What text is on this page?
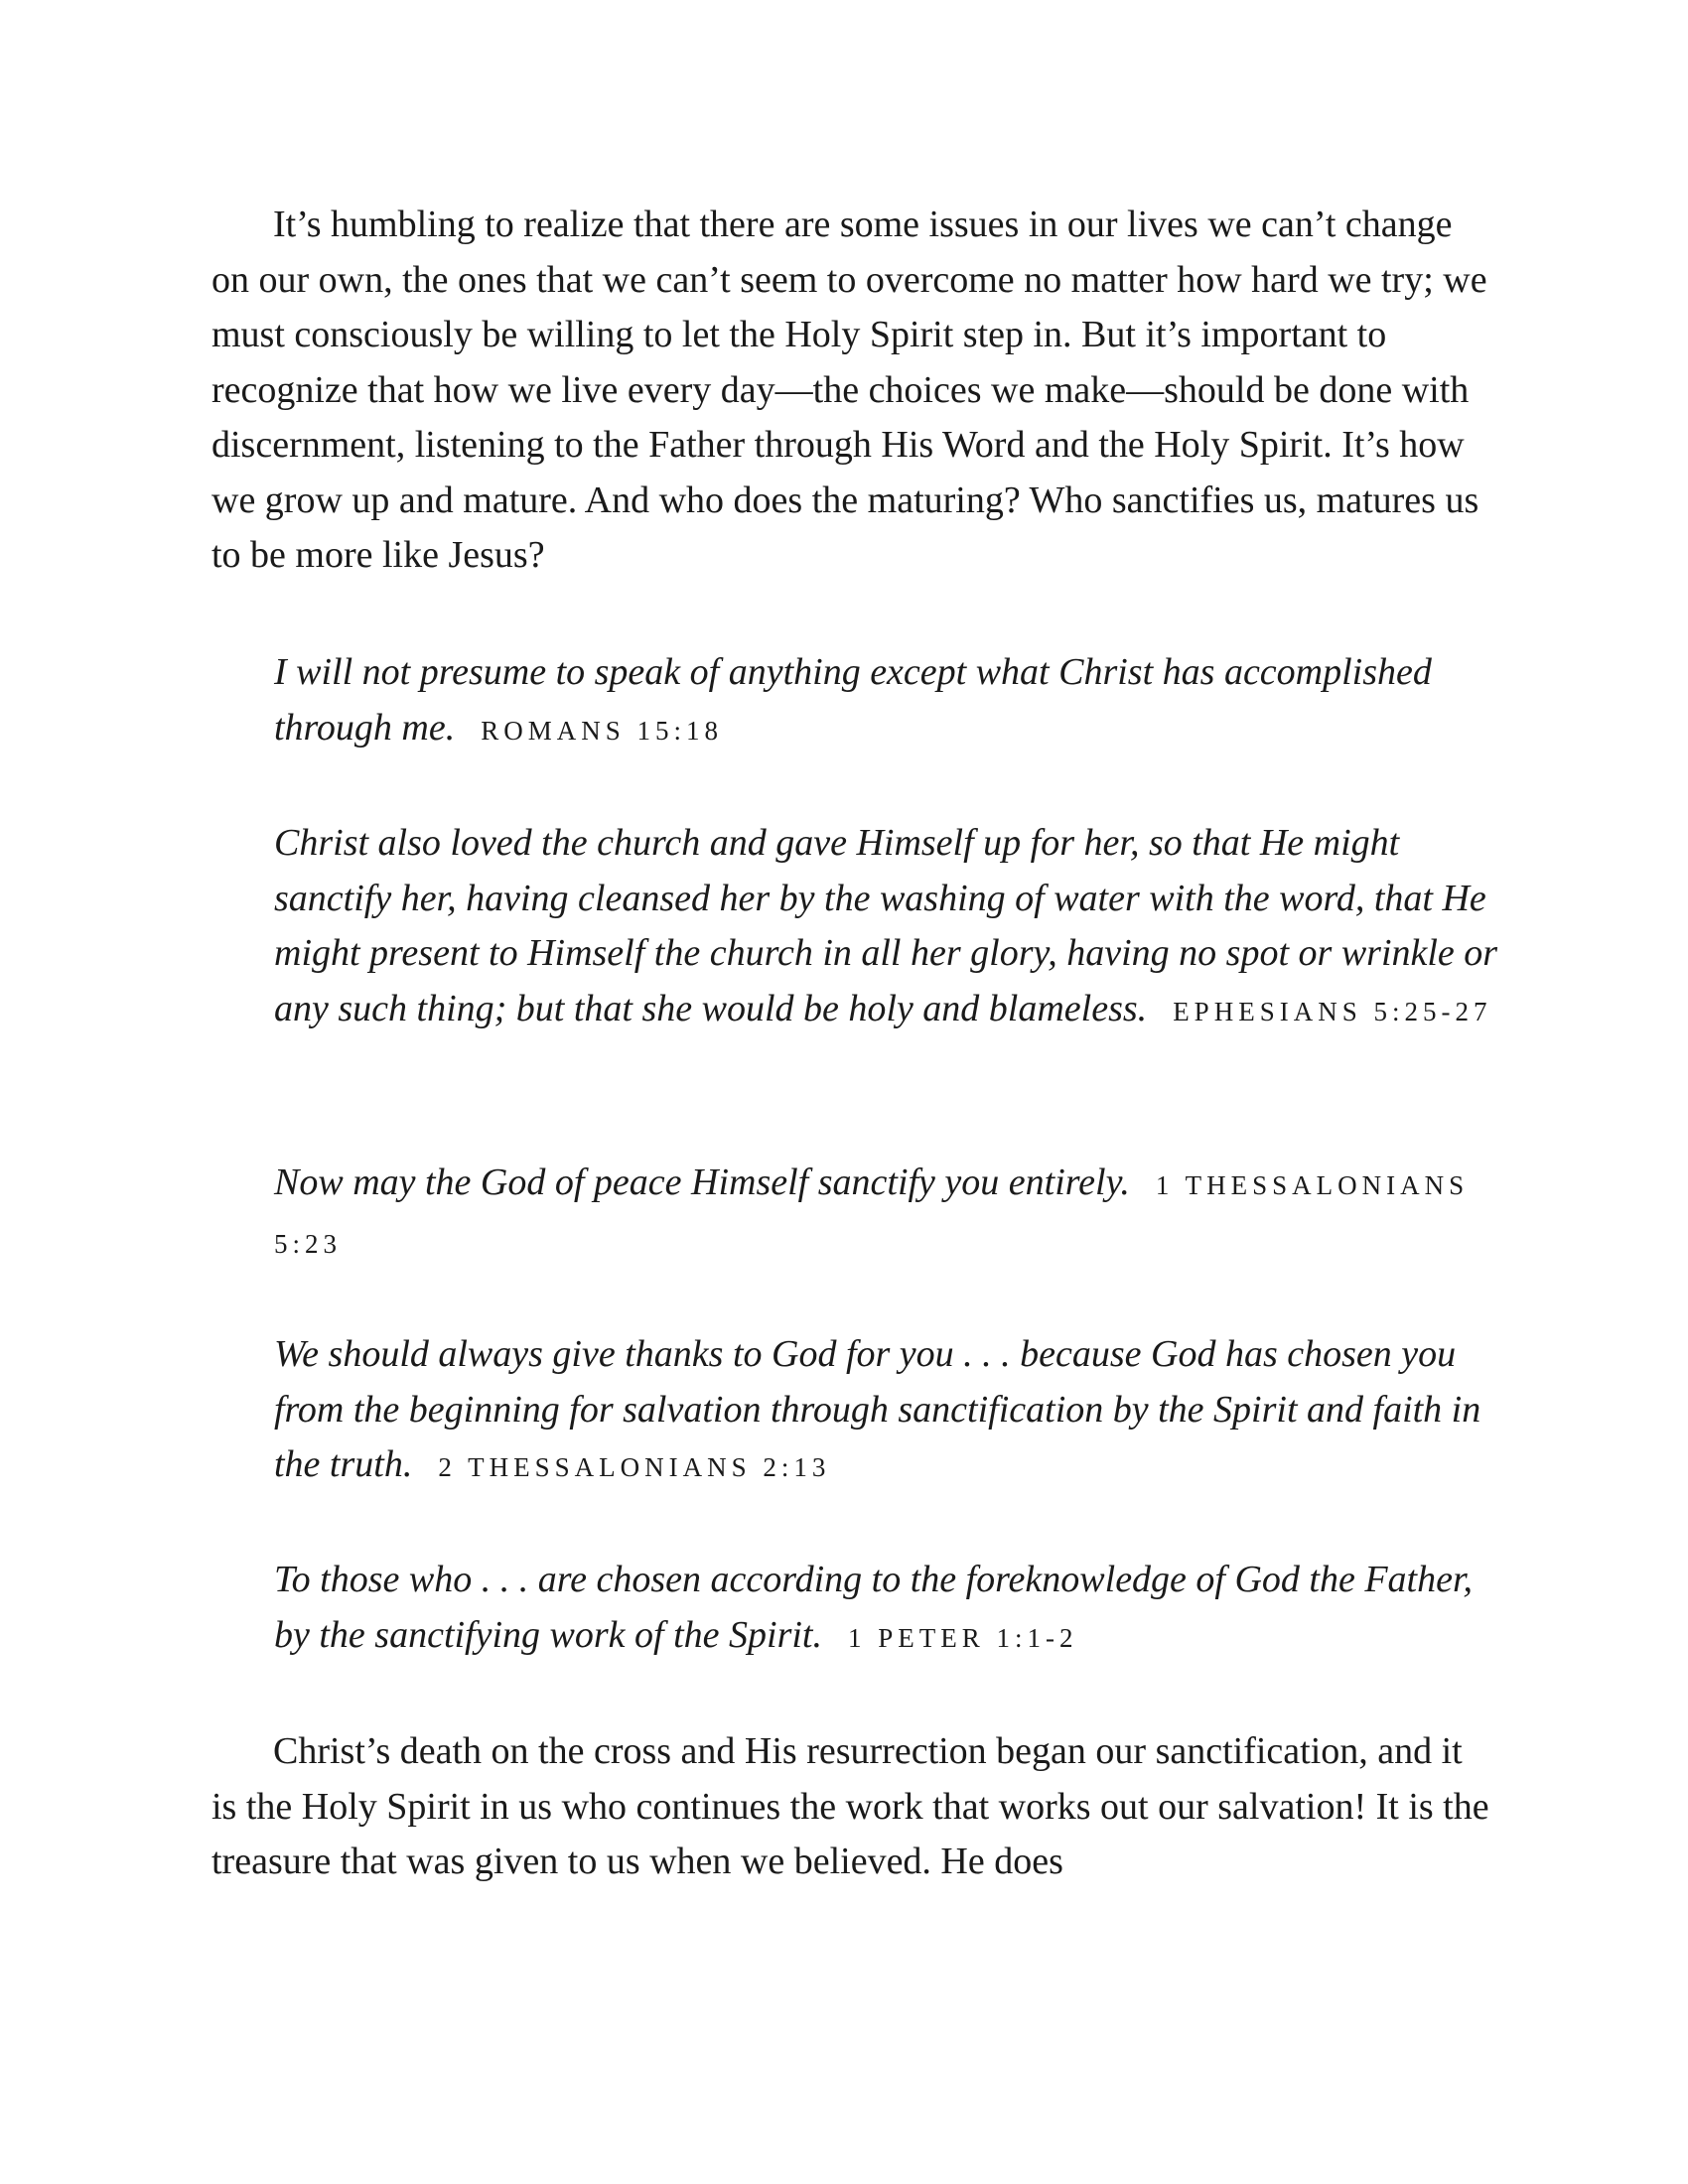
It’s humbling to realize that there are some issues in our lives we can’t change on our own, the ones that we can’t seem to overcome no matter how hard we try; we must consciously be willing to let the Holy Spirit step in. But it’s important to recognize that how we live every day—the choices we make—should be done with discernment, listening to the Father through His Word and the Holy Spirit. It’s how we grow up and mature. And who does the maturing? Who sanctifies us, matures us to be more like Jesus?

I will not presume to speak of anything except what Christ has accomplished through me. ROMANS 15:18

Christ also loved the church and gave Himself up for her, so that He might sanctify her, having cleansed her by the washing of water with the word, that He might present to Himself the church in all her glory, having no spot or wrinkle or any such thing; but that she would be holy and blameless. EPHESIANS 5:25-27

Now may the God of peace Himself sanctify you entirely. 1 THESSALONIANS 5:23

We should always give thanks to God for you . . . because God has chosen you from the beginning for salvation through sanctification by the Spirit and faith in the truth. 2 THESSALONIANS 2:13

To those who . . . are chosen according to the foreknowledge of God the Father, by the sanctifying work of the Spirit. 1 PETER 1:1-2

Christ’s death on the cross and His resurrection began our sanctification, and it is the Holy Spirit in us who continues the work that works out our salvation! It is the treasure that was given to us when we believed. He does
